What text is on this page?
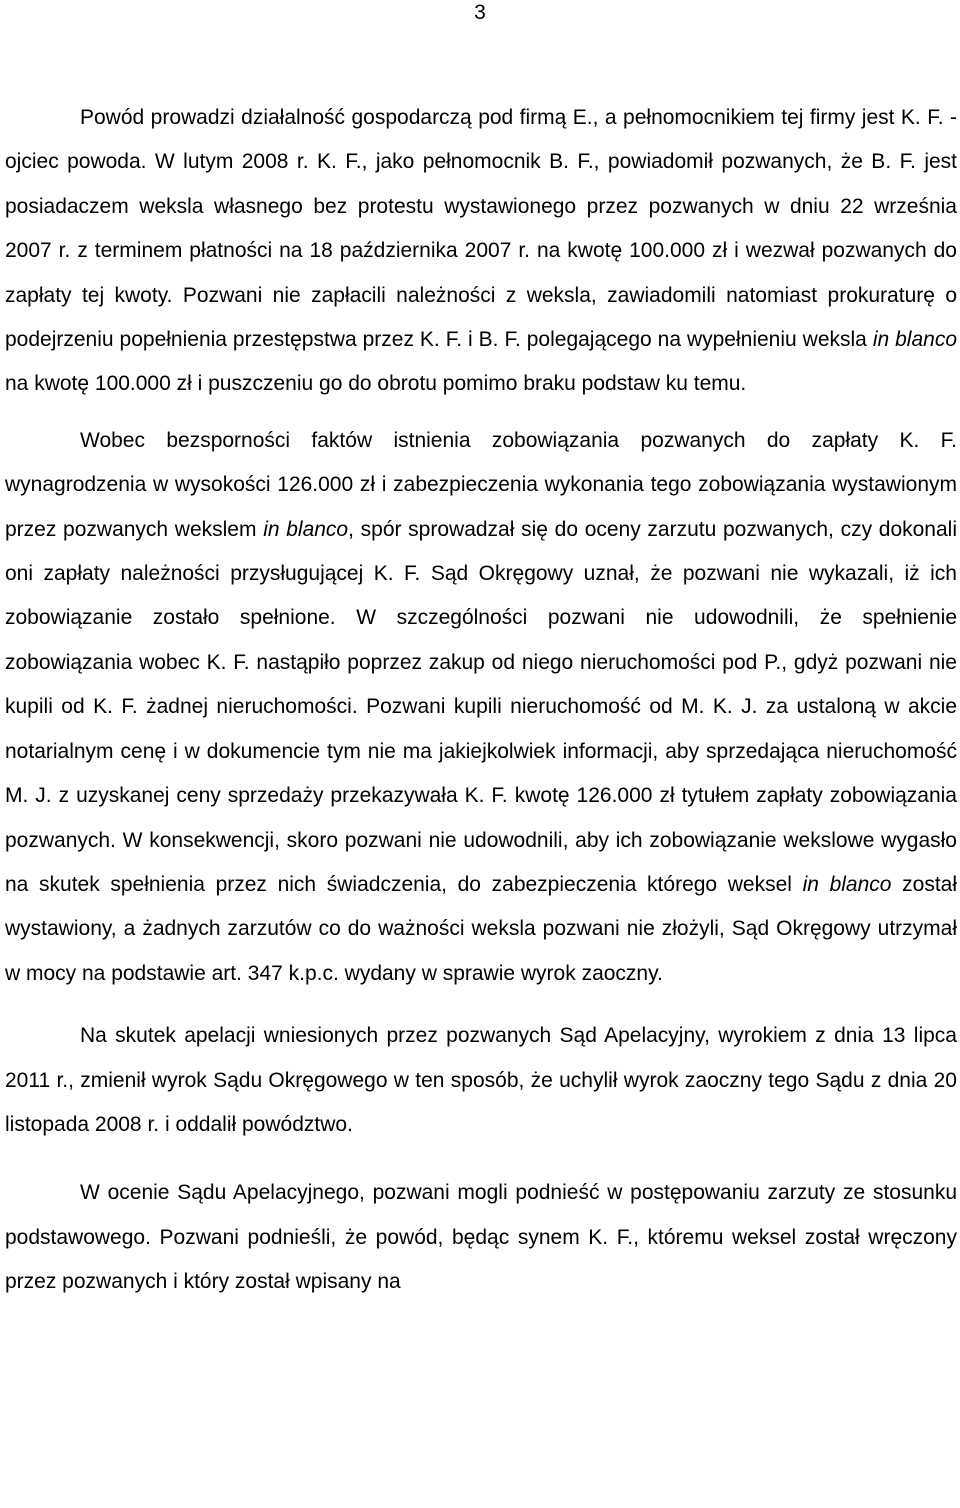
3

Powód prowadzi działalność gospodarczą pod firmą E., a pełnomocnikiem tej firmy jest K. F. - ojciec powoda. W lutym 2008 r. K. F., jako pełnomocnik B. F., powiadomił pozwanych, że B. F. jest posiadaczem weksla własnego bez protestu wystawionego przez pozwanych w dniu 22 września 2007 r. z terminem płatności na 18 października 2007 r. na kwotę 100.000 zł i wezwał pozwanych do zapłaty tej kwoty. Pozwani nie zapłacili należności z weksla, zawiadomili natomiast prokuraturę o podejrzeniu popełnienia przestępstwa przez K. F. i B. F. polegającego na wypełnieniu weksla in blanco na kwotę 100.000 zł i puszczeniu go do obrotu pomimo braku podstaw ku temu.

Wobec bezsporności faktów istnienia zobowiązania pozwanych do zapłaty K. F. wynagrodzenia w wysokości 126.000 zł i zabezpieczenia wykonania tego zobowiązania wystawionym przez pozwanych wekslem in blanco, spór sprowadzał się do oceny zarzutu pozwanych, czy dokonali oni zapłaty należności przysługującej K. F. Sąd Okręgowy uznał, że pozwani nie wykazali, iż ich zobowiązanie zostało spełnione. W szczególności pozwani nie udowodnili, że spełnienie zobowiązania wobec K. F. nastąpiło poprzez zakup od niego nieruchomości pod P., gdyż pozwani nie kupili od K. F. żadnej nieruchomości. Pozwani kupili nieruchomość od M. K. J. za ustaloną w akcie notarialnym cenę i w dokumencie tym nie ma jakiejkolwiek informacji, aby sprzedająca nieruchomość M. J. z uzyskanej ceny sprzedaży przekazywała K. F. kwotę 126.000 zł tytułem zapłaty zobowiązania pozwanych. W konsekwencji, skoro pozwani nie udowodnili, aby ich zobowiązanie wekslowe wygasło na skutek spełnienia przez nich świadczenia, do zabezpieczenia którego weksel in blanco został wystawiony, a żadnych zarzutów co do ważności weksla pozwani nie złożyli, Sąd Okręgowy utrzymał w mocy na podstawie art. 347 k.p.c. wydany w sprawie wyrok zaoczny.

Na skutek apelacji wniesionych przez pozwanych Sąd Apelacyjny, wyrokiem z dnia 13 lipca 2011 r., zmienił wyrok Sądu Okręgowego w ten sposób, że uchylił wyrok zaoczny tego Sądu z dnia 20 listopada 2008 r. i oddalił powództwo.

W ocenie Sądu Apelacyjnego, pozwani mogli podnieść w postępowaniu zarzuty ze stosunku podstawowego. Pozwani podnieśli, że powód, będąc synem K. F., któremu weksel został wręczony przez pozwanych i który został wpisany na
